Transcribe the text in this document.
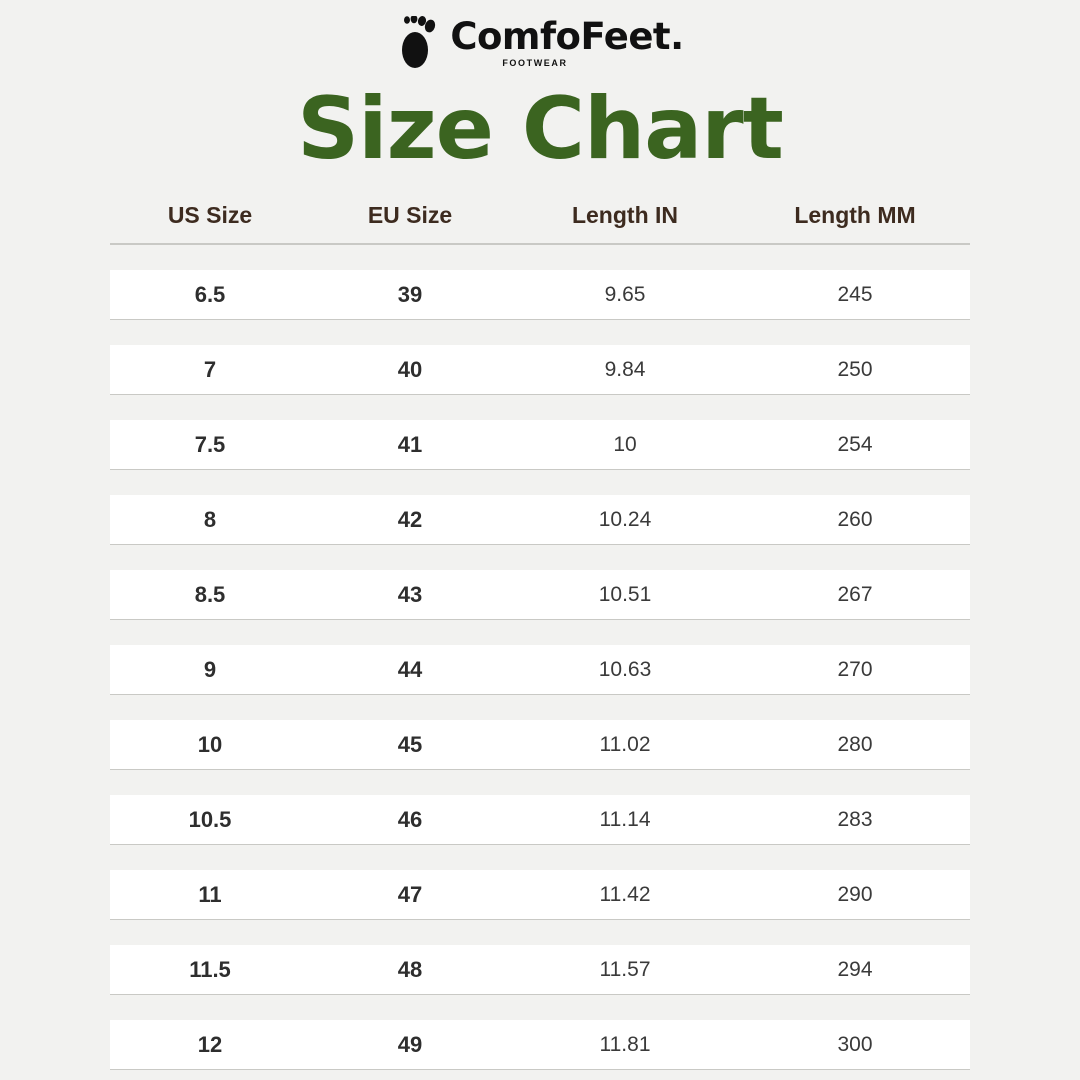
ComfoFeet.
FOOTWEAR
Size Chart
US Size	EU Size	Length IN	Length MM
6.5	39	9.65	245
7	40	9.84	250
7.5	41	10	254
8	42	10.24	260
8.5	43	10.51	267
9	44	10.63	270
10	45	11.02	280
10.5	46	11.14	283
11	47	11.42	290
11.5	48	11.57	294
12	49	11.81	300
